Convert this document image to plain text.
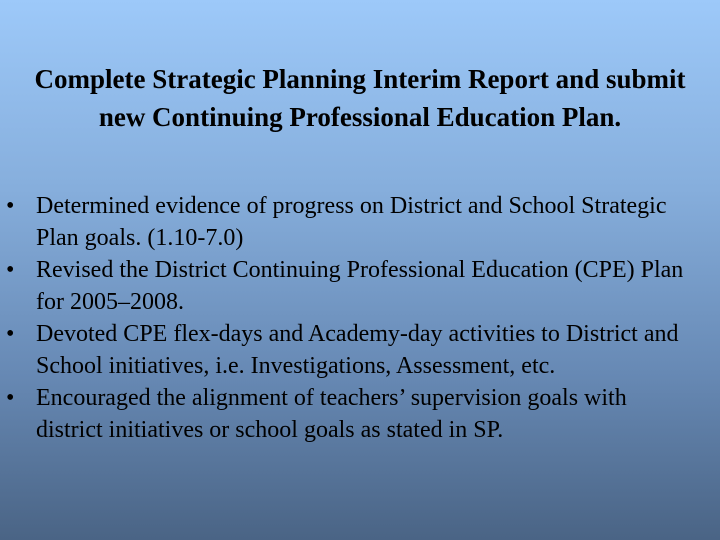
Complete Strategic Planning Interim Report and submit new Continuing Professional Education Plan.
• Determined evidence of progress on District and School Strategic Plan goals. (1.10-7.0)
• Revised the District Continuing Professional Education (CPE) Plan for 2005–2008.
• Devoted CPE flex-days and Academy-day activities to District and School initiatives, i.e. Investigations, Assessment, etc.
• Encouraged the alignment of teachers’ supervision goals with district initiatives or school goals as stated in SP.
